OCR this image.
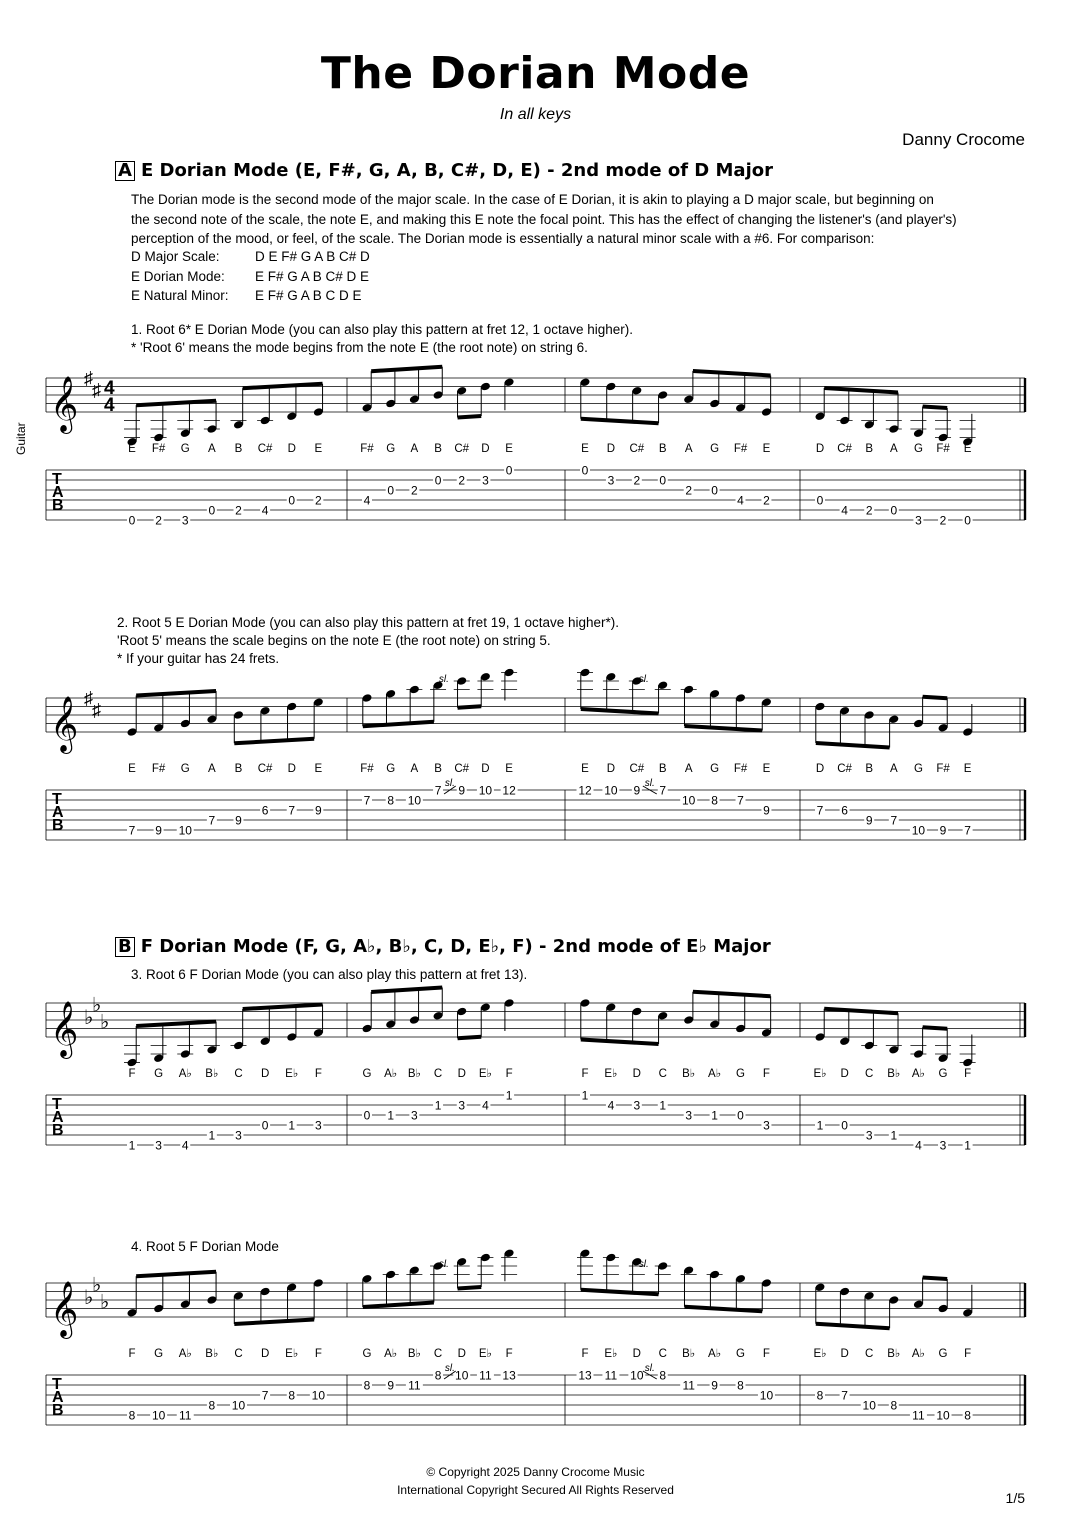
The Dorian Mode
In all keys
Danny Crocome
A E Dorian Mode (E, F#, G, A, B, C#, D, E) - 2nd mode of D Major
The Dorian mode is the second mode of the major scale. In the case of E Dorian, it is akin to playing a D major scale, but beginning on
the second note of the scale, the note E, and making this E note the focal point. This has the effect of changing the listener's (and player's)
perception of the mood, or feel, of the scale. The Dorian mode is essentially a natural minor scale with a #6. For comparison:
D Major Scale:	D E F# G A B C# D
E Dorian Mode: E F# G A B C# D E
E Natural Minor: E F# G A B C D E
1. Root 6* E Dorian Mode (you can also play this pattern at fret 12, 1 octave higher).
* 'Root 6' means the mode begins from the note E (the root note) on string 6.
2. Root 5 E Dorian Mode (you can also play this pattern at fret 19, 1 octave higher*).
'Root 5' means the scale begins on the note E (the root note) on string 5.
* If your guitar has 24 frets.
B F Dorian Mode (F, G, A♭, B♭, C, D, E♭, F) - 2nd mode of E♭ Major
3. Root 6 F Dorian Mode (you can also play this pattern at fret 13).
4. Root 5 F Dorian Mode
Guitar
𝄞
T
A
B
♯
♯ 4
4
E F# G A B C# D E
0 2 3
0 2 4
0 2
F# G A B C# D E
4
0 2
0 2 3
0
E D C# B A G F# E
0
3 2 0
2 0
4 2
D C# B A G F# E
0
4 2 0
3 2 0
𝄞
T
A
B
♯
♯
E F# G A B C# D E
7 9 10
7 9
6 7 9
F# G A B C# D E
7 8 10
7 9 10 12
sl.
sl.
E D C# B A G F# E
12 10 9 7
10 8 7
9
sl.
sl.
D C# B A G F# E
7 6
9 7
10 9 7
𝄞
T
A
B
♭
♭
♭
F G A♭ B♭ C D E♭ F
1 3 4
1 3
0 1 3
G A♭ B♭ C D E♭ F
0 1 3
1 3 4
1
F E♭ D C B♭ A♭ G F
1
4 3 1
3 1 0
3
E♭ D C B♭ A♭ G F
1 0
3 1
4 3 1
𝄞
T
A
B
♭
♭
♭
F G A♭ B♭ C D E♭ F
8 10 11
8 10
7 8 10
G A♭ B♭ C D E♭ F
8 9 11
8 10 11 13
sl.
sl.
F E♭ D C B♭ A♭ G F
13 11 10 8
11 9 8
10
sl.
sl.
E♭ D C B♭ A♭ G F
8 7
10 8
11 10 8
© Copyright 2025 Danny Crocome Music
International Copyright Secured All Rights Reserved	1/5
